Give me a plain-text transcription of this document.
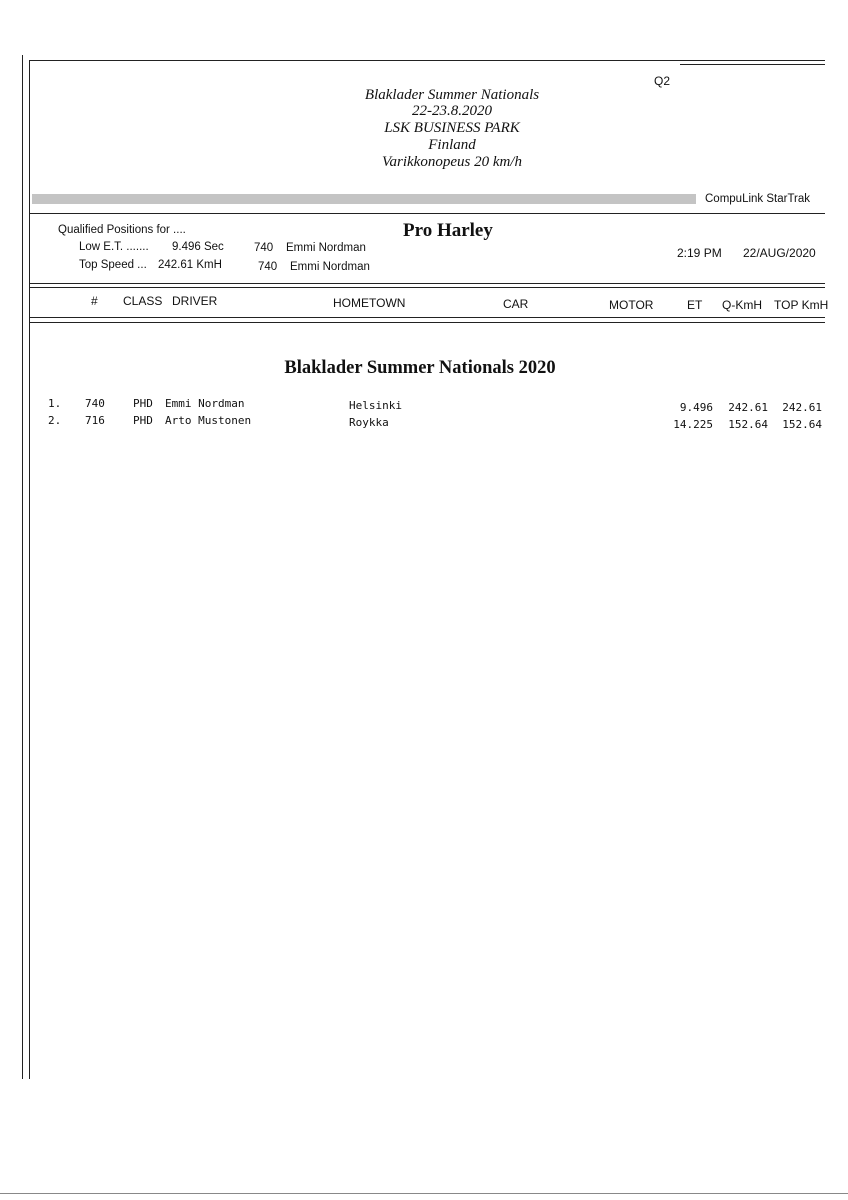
Q2
Blaklader Summer Nationals
22-23.8.2020
LSK BUSINESS PARK
Finland
Varikkonopeus 20 km/h
CompuLink StarTrak
Qualified Positions for ....	Pro Harley
Low E.T. ....... 9.496 Sec	740 Emmi Nordman
Top Speed ... 242.61 KmH	740 Emmi Nordman
2:19 PM 22/AUG/2020
# CLASS DRIVER	HOMETOWN	CAR	MOTOR	ET Q-KmH TOP KmH
Blaklader Summer Nationals 2020
1. 740	PHD Emmi Nordman	Helsinki	9.496	242.61	242.61
2. 716	PHD Arto Mustonen	Roykka	14.225	152.64	152.64
